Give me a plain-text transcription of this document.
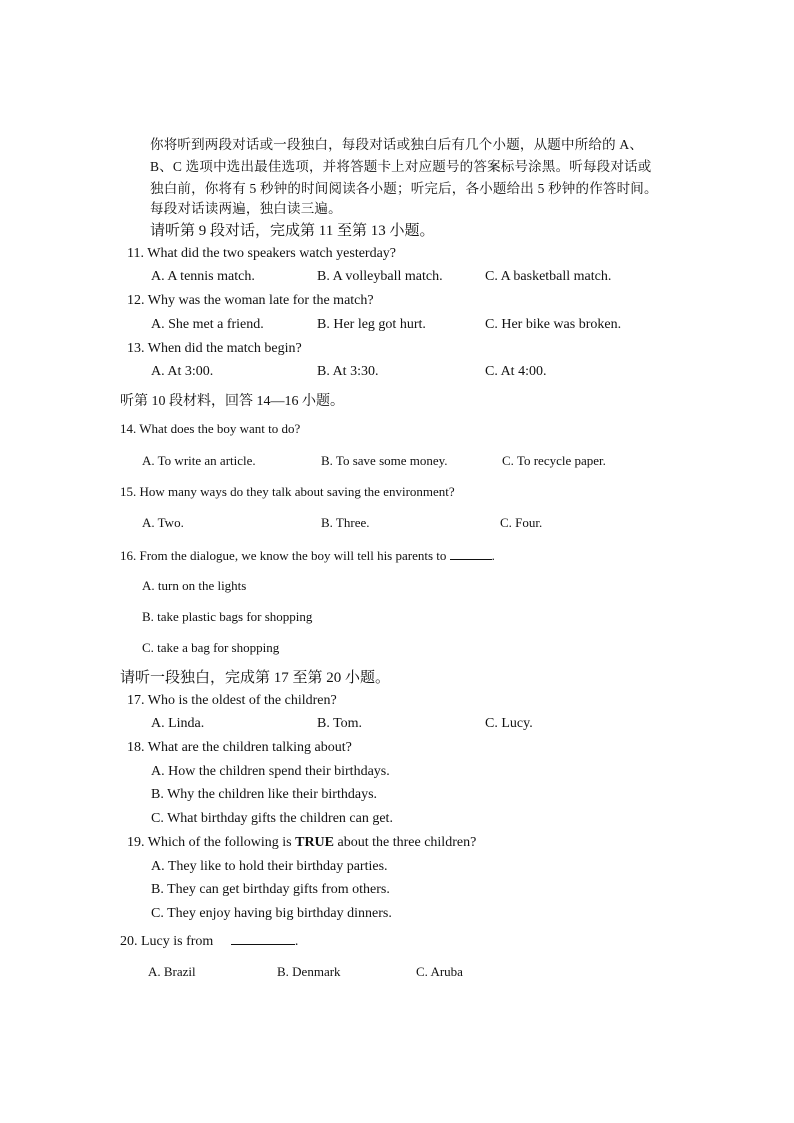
你将听到两段对话或一段独白，每段对话或独白后有几个小题，从题中所给的 A、
B、C 选项中选出最佳选项，并将答题卡上对应题号的答案标号涂黑。听每段对话或
独白前，你将有 5 秒钟的时间阅读各小题；听完后，各小题给出 5 秒钟的作答时间。
每段对话读两遍，独白读三遍。
请听第 9 段对话，完成第 11 至第 13 小题。
11. What did the two speakers watch yesterday?
A. A tennis match.	B. A volleyball match.	C. A basketball match.
12. Why was the woman late for the match?
A. She met a friend.	B. Her leg got hurt.	C. Her bike was broken.
13. When did the match begin?
A. At 3:00.	B. At 3:30.	C. At 4:00.
听第 10 段材料，回答 14—16 小题。
14. What does the boy want to do?
A. To write an article.	B. To save some money.	C. To recycle paper.
15. How many ways do they talk about saving the environment?
A. Two.	B. Three.	C. Four.
16. From the dialogue, we know the boy will tell his parents to	.
A. turn on the lights
B. take plastic bags for shopping
C. take a bag for shopping
请听一段独白，完成第 17 至第 20 小题。
17. Who is the oldest of the children?
A. Linda.	B. Tom.	C. Lucy.
18. What are the children talking about?
A. How the children spend their birthdays.
B. Why the children like their birthdays.
C. What birthday gifts the children can get.
19. Which of the following is TRUE about the three children?
A. They like to hold their birthday parties.
B. They can get birthday gifts from others.
C. They enjoy having big birthday dinners.
20. Lucy is from	.
A. Brazil	B. Denmark	C. Aruba
